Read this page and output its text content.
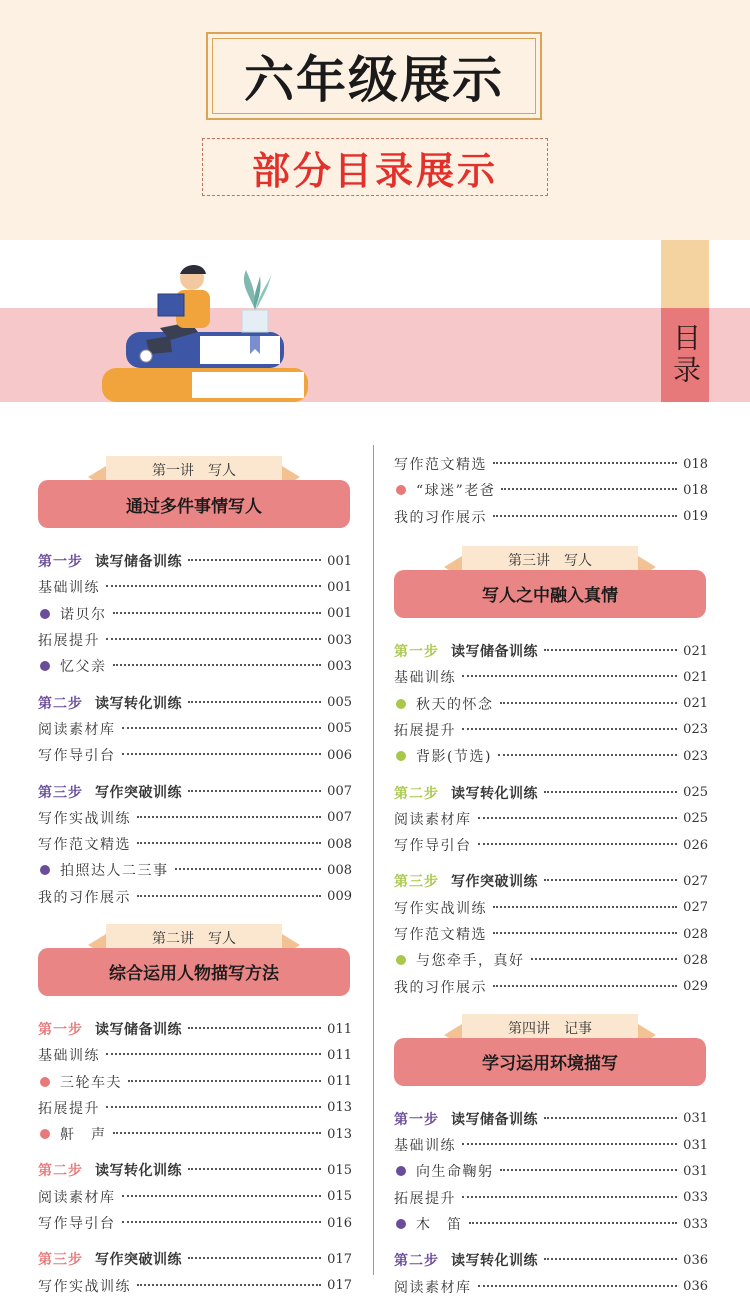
六年级展示
部分目录展示
目录
第一讲　写人
通过多件事情写人
第一步 读写储备训练	001
基础训练	001
诺贝尔	001
拓展提升	003
忆父亲	003
第二步 读写转化训练	005
阅读素材库	005
写作导引台	006
第三步 写作突破训练	007
写作实战训练	007
写作范文精选	008
拍照达人二三事	008
我的习作展示	009
第二讲　写人
综合运用人物描写方法
第一步 读写储备训练	011
基础训练	011
三轮车夫	011
拓展提升	013
鼾　声	013
第二步 读写转化训练	015
阅读素材库	015
写作导引台	016
第三步 写作突破训练	017
写作实战训练	017
写作范文精选	018
“球迷”老爸	018
我的习作展示	019
第三讲　写人
写人之中融入真情
第一步 读写储备训练	021
基础训练	021
秋天的怀念	021
拓展提升	023
背影(节选)	023
第二步 读写转化训练	025
阅读素材库	025
写作导引台	026
第三步 写作突破训练	027
写作实战训练	027
写作范文精选	028
与您牵手，真好	028
我的习作展示	029
第四讲　记事
学习运用环境描写
第一步 读写储备训练	031
基础训练	031
向生命鞠躬	031
拓展提升	033
木　笛	033
第二步 读写转化训练	036
阅读素材库	036
